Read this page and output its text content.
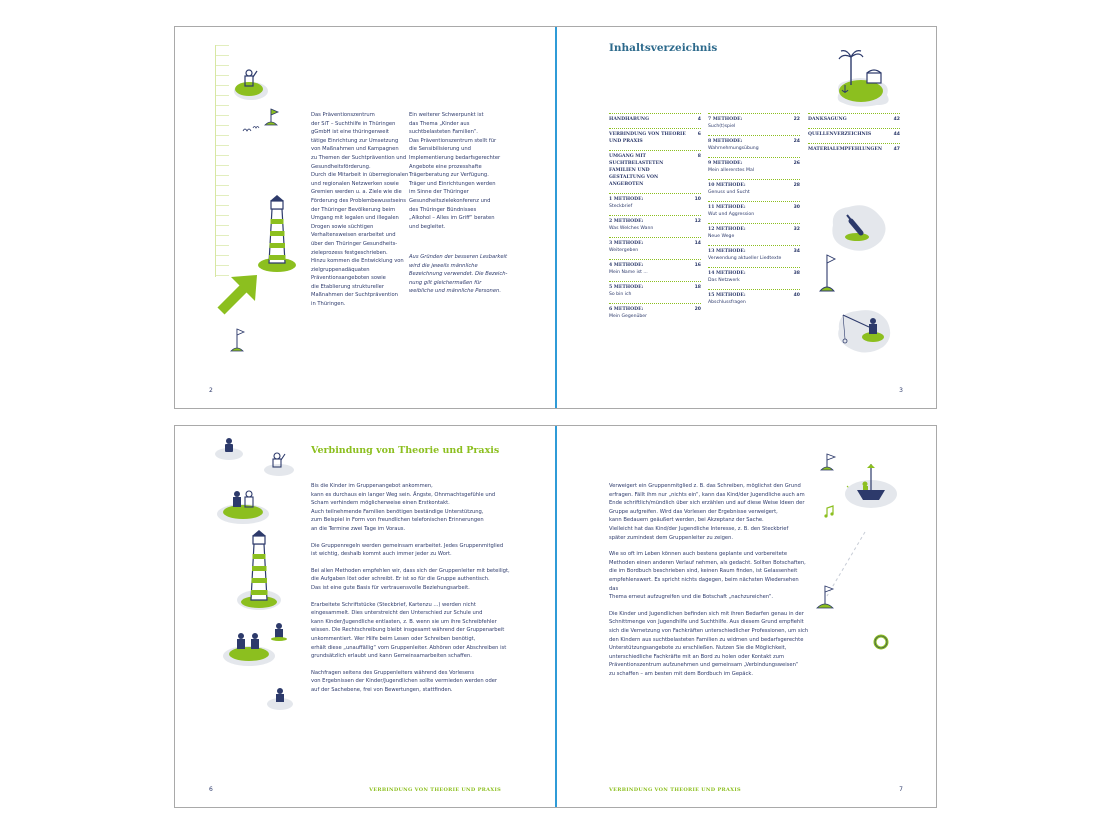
Das Präventionszentrum
der SiT – Suchthilfe in Thüringen
gGmbH ist eine thüringenweit
tätige Einrichtung zur Umsetzung
von Maßnahmen und Kampagnen
zu Themen der Suchtprävention und
Gesundheitsförderung.
Durch die Mitarbeit in überregionalen
und regionalen Netzwerken sowie
Gremien werden u. a. Ziele wie die
Förderung des Problembewusstseins
der Thüringer Bevölkerung beim
Umgang mit legalen und illegalen
Drogen sowie süchtigen
Verhaltensweisen erarbeitet und
über den Thüringer Gesundheits-
zieleprozess festgeschrieben.
Hinzu kommen die Entwicklung von
zielgruppenadäquaten
Präventionsangeboten sowie
die Etablierung struktureller
Maßnahmen der Suchtprävention
in Thüringen.
Ein weiterer Schwerpunkt ist
das Thema „Kinder aus
suchtbelasteten Familien“.
Das Präventionszentrum stellt für
die Sensibilisierung und
Implementierung bedarfsgerechter
Angebote eine prozesshafte
Trägerberatung zur Verfügung.
Träger und Einrichtungen werden
im Sinne der Thüringer
Gesundheitszielekonferenz und
des Thüringer Bündnisses
„Alkohol – Alles im Griff“ beraten
und begleitet.
Aus Gründen der besseren Lesbarkeit
wird die jeweils männliche
Bezeichnung verwendet. Die Bezeich-
nung gilt gleichermaßen für
weibliche und männliche Personen.
2
Inhaltsverzeichnis
HANDHABUNG	4
VERBINDUNG VON THEORIE UND PRAXIS
6
UMGANG MIT SUCHTBELASTETEN FAMILIEN UND GESTALTUNG VON ANGEBOTEN
8
1 METHODE:	10
Steckbrief
2 METHODE:	12
Was Welches Wann
3 METHODE:	14
Weitergeben
4 METHODE:	16
Mein Name ist ...
5 METHODE:	18
So bin ich
6 METHODE:	20
Mein Gegenüber
7 METHODE:	22
Such(t)spiel
8 METHODE:	24
Wahrnehmungsübung
9 METHODE:	26
Mein allererstes Mal
10 METHODE:	28
Genuss und Sucht
11 METHODE:	30
Wut und Aggression
12 METHODE:	32
Neue Wege
13 METHODE:	34
Verwendung aktueller Liedtexte
14 METHODE:	38
Das Netzwerk
15 METHODE:	40
Abschlussfragen
DANKSAGUNG	42
QUELLENVERZEICHNIS	44
MATERIALEMPFEHLUNGEN	47
3
Verbindung von Theorie und Praxis
Bis die Kinder im Gruppenangebot ankommen,
kann es durchaus ein langer Weg sein. Ängste, Ohnmachtsgefühle und
Scham verhindern möglicherweise einen Erstkontakt.
Auch teilnehmende Familien benötigen beständige Unterstützung,
zum Beispiel in Form von freundlichen telefonischen Erinnerungen
an die Termine zwei Tage im Voraus.
Die Gruppenregeln werden gemeinsam erarbeitet. Jedes Gruppenmitglied
ist wichtig, deshalb kommt auch immer jeder zu Wort.
Bei allen Methoden empfehlen wir, dass sich der Gruppenleiter mit beteiligt,
die Aufgaben löst oder schreibt. Er ist so für die Gruppe authentisch.
Das ist eine gute Basis für vertrauensvolle Beziehungsarbeit.
Erarbeitete Schriftstücke (Steckbrief, Kartenzu ...) werden nicht
eingesammelt. Dies unterstreicht den Unterschied zur Schule und
kann Kinder/Jugendliche entlasten, z. B. wenn sie um ihre Schreibfehler
wissen. Die Rechtschreibung bleibt insgesamt während der Gruppenarbeit
unkommentiert. Wer Hilfe beim Lesen oder Schreiben benötigt,
erhält diese „unauffällig“ vom Gruppenleiter. Abhören oder Abschreiben ist
grundsätzlich erlaubt und kann Gemeinsamarbeiten schaffen.
Nachfragen seitens des Gruppenleiters während des Vorlesens
von Ergebnissen der Kinder/Jugendlichen sollte vermieden werden oder
auf der Sachebene, frei von Bewertungen, stattfinden.
6	VERBINDUNG VON THEORIE UND PRAXIS
Verweigert ein Gruppenmitglied z. B. das Schreiben, möglichst den Grund
erfragen. Fällt ihm nur „nichts ein“, kann das Kind/der Jugendliche auch am
Ende schriftlich/mündlich über sich erzählen und auf diese Weise Ideen der
Gruppe aufgreifen. Wird das Vorlesen der Ergebnisse verweigert,
kann Bedauern geäußert werden, bei Akzeptanz der Sache.
Vielleicht hat das Kind/der Jugendliche Interesse, z. B. den Steckbrief
später zumindest dem Gruppenleiter zu zeigen.
Wie so oft im Leben können auch bestens geplante und vorbereitete
Methoden einen anderen Verlauf nehmen, als gedacht. Sollten Botschaften,
die im Bordbuch beschrieben sind, keinen Raum finden, ist Gelassenheit
empfehlenswert. Es spricht nichts dagegen, beim nächsten Wiedersehen das
Thema erneut aufzugreifen und die Botschaft „nachzureichen“.
Die Kinder und Jugendlichen befinden sich mit ihren Bedarfen genau in der
Schnittmenge von Jugendhilfe und Suchthilfe. Aus diesem Grund empfiehlt
sich die Vernetzung von Fachkräften unterschiedlicher Professionen, um sich
den Kindern aus suchtbelasteten Familien zu widmen und bedarfsgerechte
Unterstützungsangebote zu erschließen. Nutzen Sie die Möglichkeit,
unterschiedliche Fachkräfte mit an Bord zu holen oder Kontakt zum
Präventionszentrum aufzunehmen und gemeinsam „Verbindungsweisen“
zu schaffen – am besten mit dem Bordbuch im Gepäck.
7
VERBINDUNG VON THEORIE UND PRAXIS
